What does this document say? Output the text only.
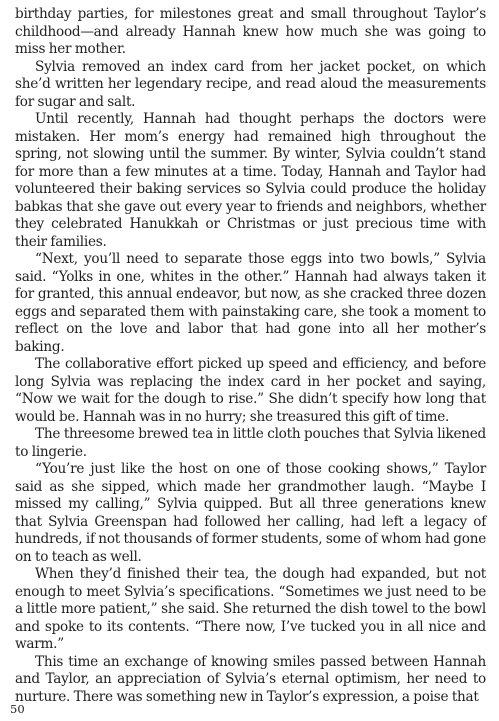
birthday parties, for milestones great and small throughout Taylor’s childhood—and already Hannah knew how much she was going to miss her mother.

Sylvia removed an index card from her jacket pocket, on which she’d written her legendary recipe, and read aloud the measurements for sugar and salt.

Until recently, Hannah had thought perhaps the doctors were mistaken. Her mom’s energy had remained high throughout the spring, not slowing until the summer. By winter, Sylvia couldn’t stand for more than a few minutes at a time. Today, Hannah and Taylor had volunteered their baking services so Sylvia could produce the holiday babkas that she gave out every year to friends and neighbors, whether they celebrated Hanukkah or Christmas or just precious time with their families.

“Next, you’ll need to separate those eggs into two bowls,” Sylvia said. “Yolks in one, whites in the other.” Hannah had always taken it for granted, this annual endeavor, but now, as she cracked three dozen eggs and separated them with painstaking care, she took a moment to reflect on the love and labor that had gone into all her mother’s baking.

The collaborative effort picked up speed and efficiency, and before long Sylvia was replacing the index card in her pocket and saying, “Now we wait for the dough to rise.” She didn’t specify how long that would be. Hannah was in no hurry; she treasured this gift of time.

The threesome brewed tea in little cloth pouches that Sylvia likened to lingerie.

“You’re just like the host on one of those cooking shows,” Taylor said as she sipped, which made her grandmother laugh. “Maybe I missed my calling,” Sylvia quipped. But all three generations knew that Sylvia Greenspan had followed her calling, had left a legacy of hundreds, if not thousands of former students, some of whom had gone on to teach as well.

When they’d finished their tea, the dough had expanded, but not enough to meet Sylvia’s specifications. “Sometimes we just need to be a little more patient,” she said. She returned the dish towel to the bowl and spoke to its contents. “There now, I’ve tucked you in all nice and warm.”

This time an exchange of knowing smiles passed between Hannah and Taylor, an appreciation of Sylvia’s eternal optimism, her need to nurture. There was something new in Taylor’s expression, a poise that

50
